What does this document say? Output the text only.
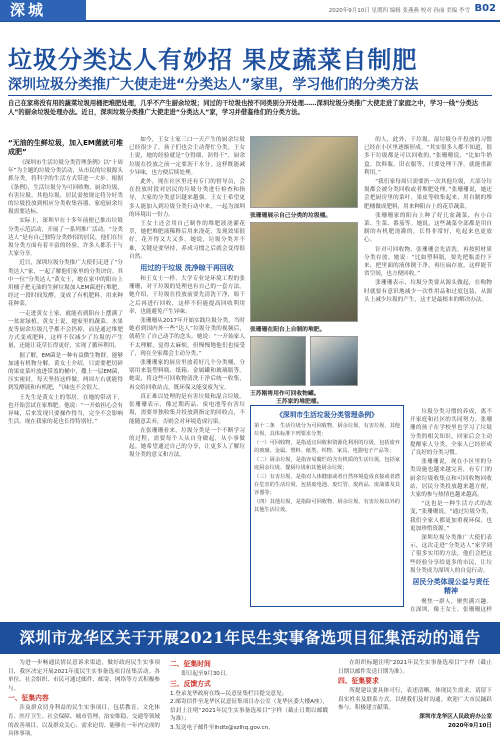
深城	2020年9月10日 星期四 编辑 张燕燕 校对 孙丽 美编 李雪 B02
垃圾分类达人有妙招 果皮蔬菜自制肥
深圳垃圾分类推广大使走进“分类达人”家里，学习他们的分类方法

自己在家将没有用的蔬菜垃圾用桶把堆肥处理，几乎不产生厨余垃圾；同过的干垃圾也按不同类别分开处理……深圳垃圾分类推广大使走进了家庭之中，学习一线“分类达人”的厨余垃圾处理办法。近日，深圳垃圾分类推广大使走进“分类达人”家，学习并借鉴他们的分类方法。

“无油的生鲜垃圾，加入EM菌就可堆成肥”

《深圳市生活垃圾分类管理条例》以“十周年”为主题的垃圾分类活动，从市民的垃圾源头抓分类，将科学的生活方式带进一大步。根据《条例》，生活垃圾分为可回收物、厨余垃圾、有害垃圾、其他垃圾，居民需按规定将分好类的垃圾投放到相应分类收集容器，家庭厨余垃圾需要达标。

实际上，深圳早在十多年前便已推出垃圾分类示范活动，开展了一系列推广活动。“分类达人”是有自己独特分类妙招的居民，他们在垃圾分类方面有着丰富的经验，许多人都乐于与大家分享。

近日，深圳垃圾分类推广大使们走进了“分类达人”家，一起了解他们家里的分类诀窍。其中一位“分类达人”黄女士，她在家中的阳台上用桶子把无油的生鲜垃圾加入EM菌进行堆肥，经过一段时间发酵，变成了有机肥料，用来种花种菜。

一走进黄女士家，就能看到阳台上摆满了一盆盆绿植。黄女士说，她家里的蔬菜、水果皮等厨余垃圾几乎都不会扔掉，而是通过堆肥方式变成肥料，这样不仅减少了垃圾的产生量，还能让花草长得更好，实现了循环利用。

据了解，EM菌是一种有益微生物群，能够加速有机物分解。黄女士介绍，只需要把切碎的果皮菜叶放进带盖的桶中，撒上一层EM菌，压实密封，每天坚持这样做，两周左右就能得到发酵液和有机肥，气味也不会很大。

王先生是黄女士的邻居，在她的带动下，也开始尝试在家堆肥。他说：“一开始担心会有异味，后来发现只要操作得当，完全不会影响生活。现在我家的花也长得特别好。”

如今，王女士家三口一天产生的厨余垃圾已经很少了，孩子们也会主动帮忙分类。王女士说，她的经验就是“分得细、沥得干”，厨余垃圾在投放之前一定要沥干水分，这样既能减少异味，也方便后续处理。

此外，现在社区里还有专门的督导员，会在投放时段对居民的垃圾分类进行检查和指导，大家的分类意识越来越强。王女士希望更多人能加入到垃圾分类行动中来，一起为深圳的环境出一份力。

王女士还会用自己制作的堆肥液浇灌花草，她把堆肥液稀释后用来浇花，发现效果很好，花开得又大又多。她说，垃圾分类并不难，关键是要坚持，养成习惯之后就会变得很自然。

用过的干垃圾 洗净晾干再回收

和王女士一样，大学专业是环境工程的张珊珊，对干垃圾的处理也有自己的一套方法。她介绍，干垃圾在投放前要先清洗干净，晾干之后再进行回收，这样不但能提高回收利用率，也能避免产生异味。

张珊珊从2017年开始实践垃圾分类，当时她看到国内外一些“达人”垃圾分类的视频后，就萌生了自己动手的念头。她说：“一开始家人不太理解，觉得太麻烦，但慢慢地他们也接受了，现在全家都会主动分类。”

张珊珊家的厨房里放着好几个分类桶，分别用来装塑料瓶、纸箱、金属罐和玻璃瓶等。她说，将这些可回收物清洗干净后统一收集，再交给回收站点，既环保又能变废为宝。

真正难以处理的是有害垃圾和混合垃圾。张珊珊表示，像过期药品、废电池等有害垃圾，需要单独收集并投放到指定的回收点，不能随意丢弃，否则会对环境造成污染。

在张珊珊看来，垃圾分类是一个不断学习的过程，需要每个人从自身做起，从小事做起。她希望通过自己的分享，让更多人了解垃圾分类的意义和方法。

张珊珊展示自己分类的垃圾桶。
张珊珊在阳台上自制的堆肥。
王苏刚将用作可回收物罐。
王苏家的堆肥桶。

的人，此外，干垃圾、湿垃圾分开投放的习惯已经在小区里逐渐形成。“其实很多人都不知道，很多干垃圾都是可以回收的，”张珊珊说，“比如牛奶盒、饮料瓶、旧衣服等，只要处理干净，就能重新利用。”

“我们家每周只需要扔一次其他垃圾，大部分垃圾都会被分类回收或者堆肥处理。”张珊珊说，她还会把厨房里的菜叶、果皮等收集起来，用自制的堆肥桶做成肥料，用来种阳台上的花草蔬菜。

张珊珊家的阳台上种了好几盆蔬菜，有小白菜、生菜、番茄等。她说，这些蔬菜全部都是用自制的有机肥浇灌的，长得非常好，吃起来也更放心。

针对可回收物，张珊珊会先清洗，再按照材质分类存放。她说：“比如塑料瓶，要先把瓶盖拧下来，把里面的液体倒干净，再压扁存放，这样能节省空间，也方便回收。”

张珊珊表示，垃圾分类要从源头做起，在购物时就要有意识地减少一次性用品和过度包装，从源头上减少垃圾的产生，这才是最根本的解决办法。

《深圳市生活垃圾分类管理条例》

第十二条　生活垃圾分为可回收物、厨余垃圾、有害垃圾、其他垃圾，具体标准下列要求分类：

（一）可回收物，是指适宜回收和资源化利用的垃圾，包括废弃的玻璃、金属、塑料、纸类、织物、家具、电器电子产品等；

（二）厨余垃圾，是指容易腐烂的含有机质的生活垃圾，包括家庭厨余垃圾、餐厨垃圾和其他厨余垃圾；

（三）有害垃圾，是指对人体健康或者自然环境造成直接或者潜在危害的生活垃圾，包括废电池、废灯管、废药品、废油漆及其容器等；

（四）其他垃圾，是指除可回收物、厨余垃圾、有害垃圾以外的其他生活垃圾。

垃圾分类习惯的养成，离不开家庭和社区的共同努力。张珊珊的孩子在学校里也学习了垃圾分类的相关知识，回家后会主动提醒家人分类，全家人已经形成了良好的分类习惯。

张珊珊说，现在小区里的分类设施也越来越完善，有专门的厨余垃圾收集点和可回收物回收站，居民分类投放越来越方便，大家的参与热情也越来越高。

“这也是一种生活方式的改变，”张珊珊说，“通过垃圾分类，我们全家人都更加重视环保，也更加珍惜资源。”

深圳垃圾分类推广大使们表示，这次走进“分类达人”家学到了很多实用的方法，他们会把这些经验分享给更多的市民，让垃圾分类成为深圳人的自觉行动。

居民分类体现公益与责任精神

聚焦一群人，聚焦满兴趣。在深圳，像王女士、张珊珊这样

深圳市龙华区关于开展2021年民生实事备选项目征集活动的通告

为进一步畅通民情民意诉求渠道，做好政府民生实事项目，我区决定开展2021年度民生实事备选项目征集活动。各单位、社会组织、市民可通过邮件、邮寄、网络等方式积极参与。

一、征集内容

涉及群众切身利益的民生实事项目，包括教育、文化体育、医疗卫生、社会保障、城市管理、治安维稳、交通等领域的改善项目，以及群众关心、需求迫切、能够在一年内完成的具体事项。

二、征集时间

即日起至9月30日。

三、反馈方式

1.登录龙华政府在线—民意征集栏目提交意见；

2.邮寄信件至龙华区民意征集项目办公室（龙华区委大楼A座），信封上注明“2021年民生实事备选项目”字样（截止日期以邮戳为准）；

3.发送电子邮件至lhdfz@szlhq.gov.cn。

在组织标题注明“2021年民生实事备选项目”字样（截止日期以邮件发送日期为准）。

四、征集要求

所提建议要具体可行，表述清晰，体现民生需求。请留下真实姓名及联系方式，以便我们及时沟通。欢迎广大市民踊跃参与，积极建言献策。

深圳市龙华区人民政府办公室
2020年9月10日
